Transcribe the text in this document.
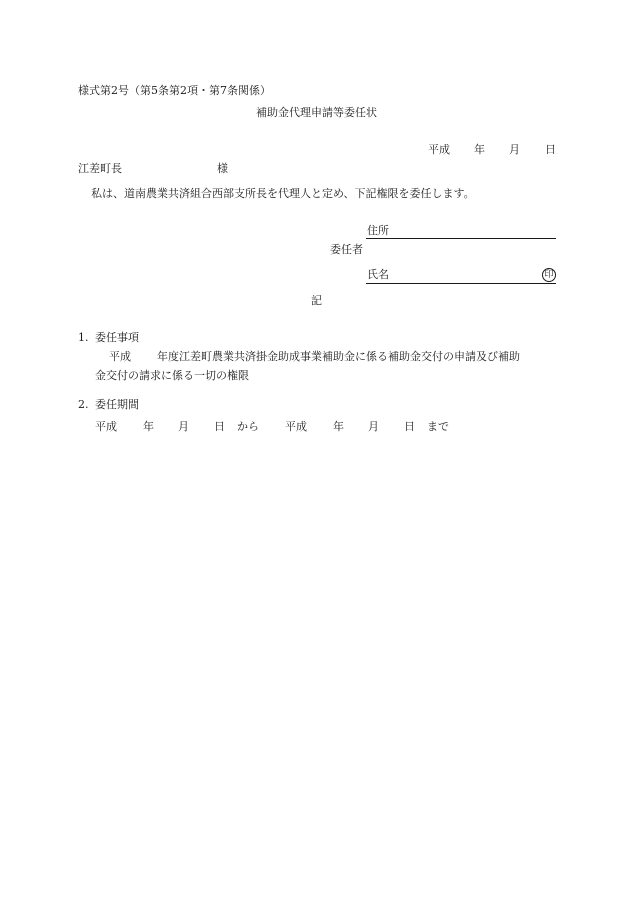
様式第2号（第5条第2項・第7条関係）
補助金代理申請等委任状
平成 年 月 日
江差町長	様
私は、道南農業共済組合西部支所長を代理人と定め、下記権限を委任します。
住所
委任者
氏名	印
記
1. 委任事項
平成 年度江差町農業共済掛金助成事業補助金に係る補助金交付の申請及び補助
金交付の請求に係る一切の権限
2. 委任期間
平成 年 月 日 から 平成 年 月 日 まで
